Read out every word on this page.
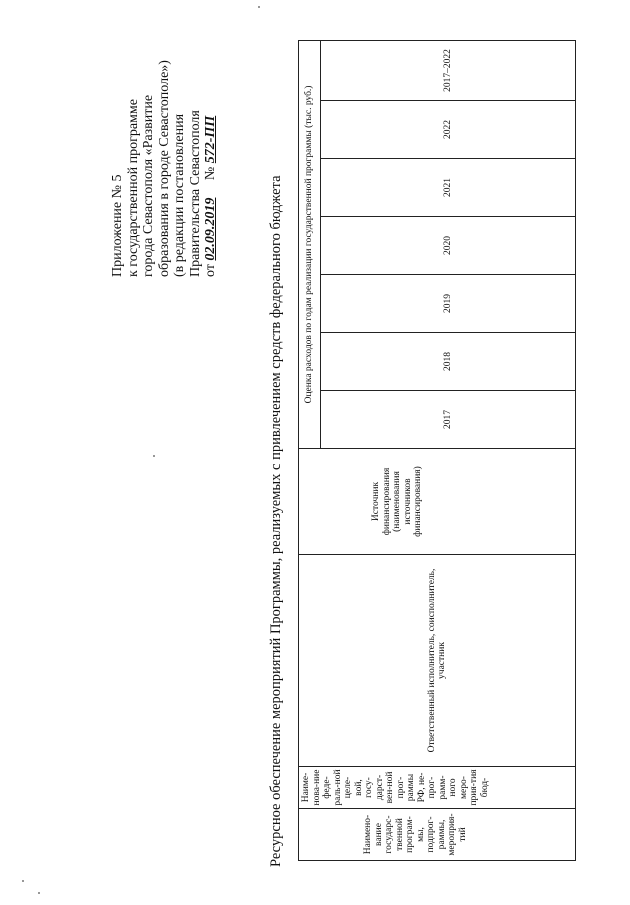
Приложение № 5 к государственной программе города Севастополя «Развитие образования в городе Севастополе») (в редакции постановления Правительства Севастополя от 02.09.2019     № 572-ПП
Ресурсное обеспечение мероприятий Программы, реализуемых с привлечением средств федерального бюджета	Наимено-вание государс-твенной програм-мы, подпрог-раммы, мероприя-тий	Наиме-нова-ние феде-раль-ной целе-вой, госу-дарст-вен-ной прог-раммы РФ, не-прог-рамм-ного меро-прия-тия бюд-	Ответственный исполнитель, соисполнитель, участник	Источник финансирования (наименования источников финансирования)	Оценка расходов по годам реализации государственной программы (тыс. руб.)						
				2017	2018	2019	2020	2021	2022	2017–2022
